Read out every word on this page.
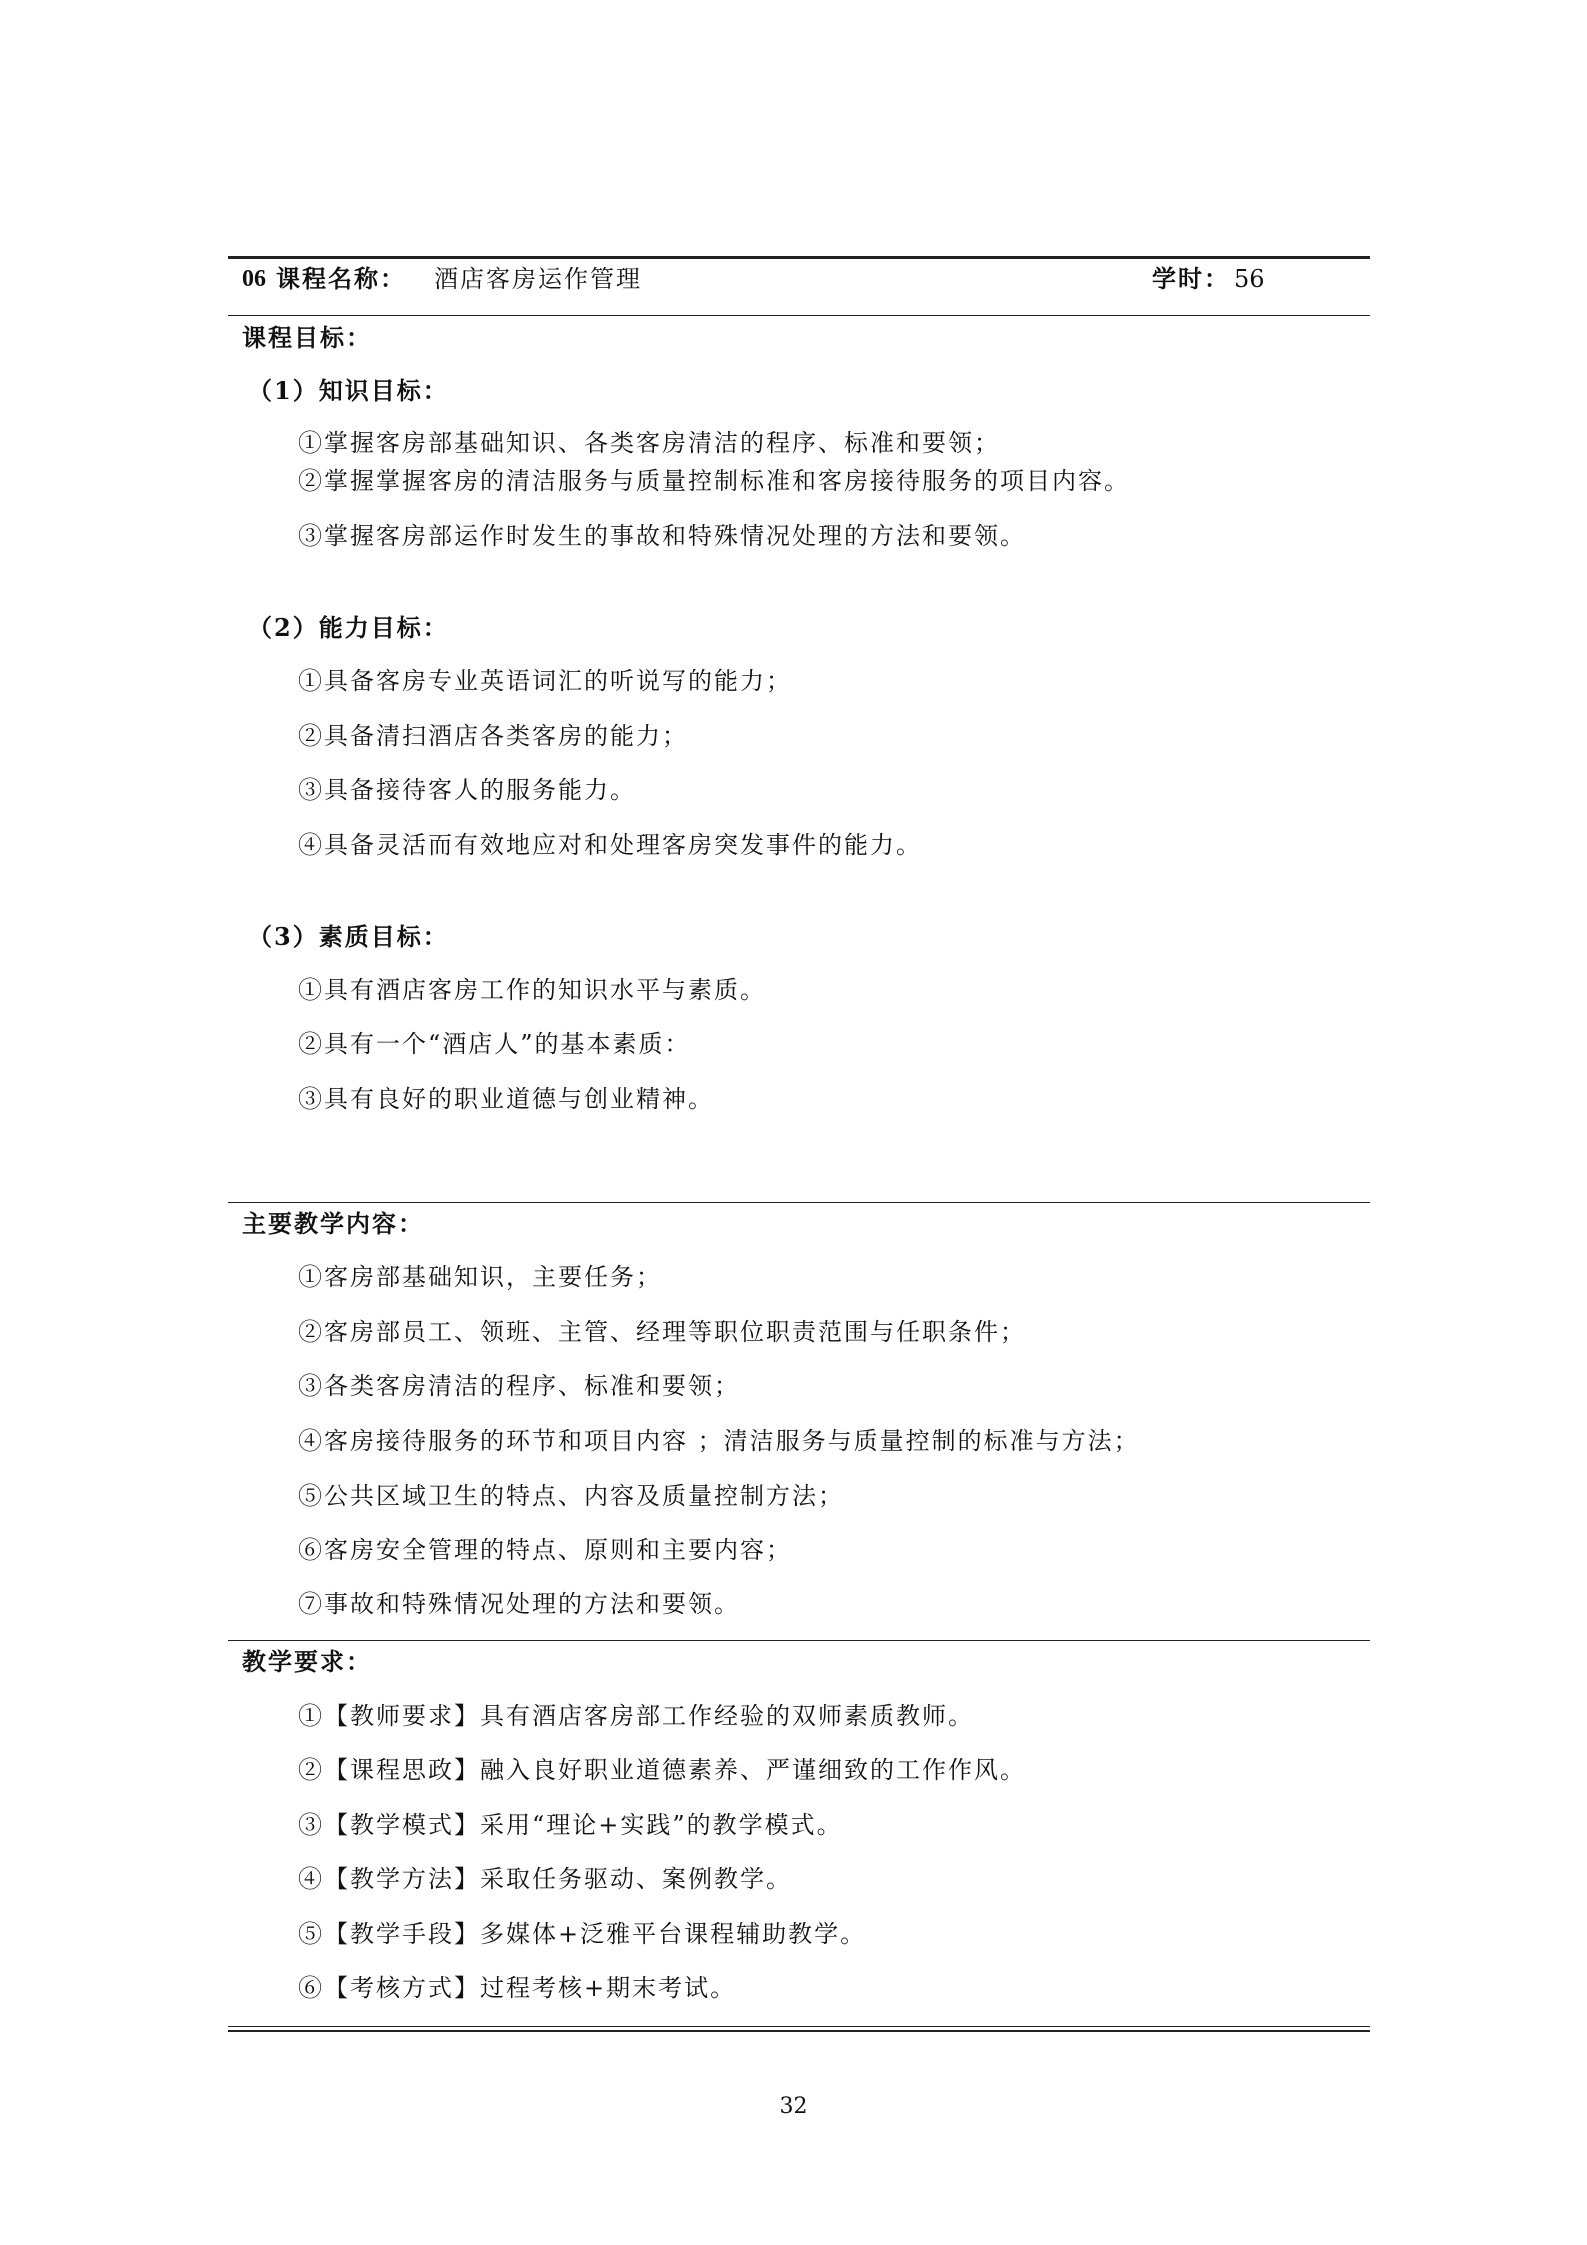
06 课程名称： 酒店客房运作管理	学时： 56
课程目标：
（1）知识目标：
①掌握客房部基础知识、各类客房清洁的程序、标准和要领；
②掌握掌握客房的清洁服务与质量控制标准和客房接待服务的项目内容。
③掌握客房部运作时发生的事故和特殊情况处理的方法和要领。
（2）能力目标：
①具备客房专业英语词汇的听说写的能力；
②具备清扫酒店各类客房的能力；
③具备接待客人的服务能力。
④具备灵活而有效地应对和处理客房突发事件的能力。
（3）素质目标：
①具有酒店客房工作的知识水平与素质。
②具有一个“酒店人”的基本素质：
③具有良好的职业道德与创业精神。
主要教学内容：
①客房部基础知识，主要任务；
②客房部员工、领班、主管、经理等职位职责范围与任职条件；
③各类客房清洁的程序、标准和要领；
④客房接待服务的环节和项目内容 ；清洁服务与质量控制的标准与方法；
⑤公共区域卫生的特点、内容及质量控制方法；
⑥客房安全管理的特点、原则和主要内容；
⑦事故和特殊情况处理的方法和要领。
教学要求：
①【教师要求】具有酒店客房部工作经验的双师素质教师。
②【课程思政】融入良好职业道德素养、严谨细致的工作作风。
③【教学模式】采用“理论+实践”的教学模式。
④【教学方法】采取任务驱动、案例教学。
⑤【教学手段】多媒体+泛雅平台课程辅助教学。
⑥【考核方式】过程考核+期末考试。
32
